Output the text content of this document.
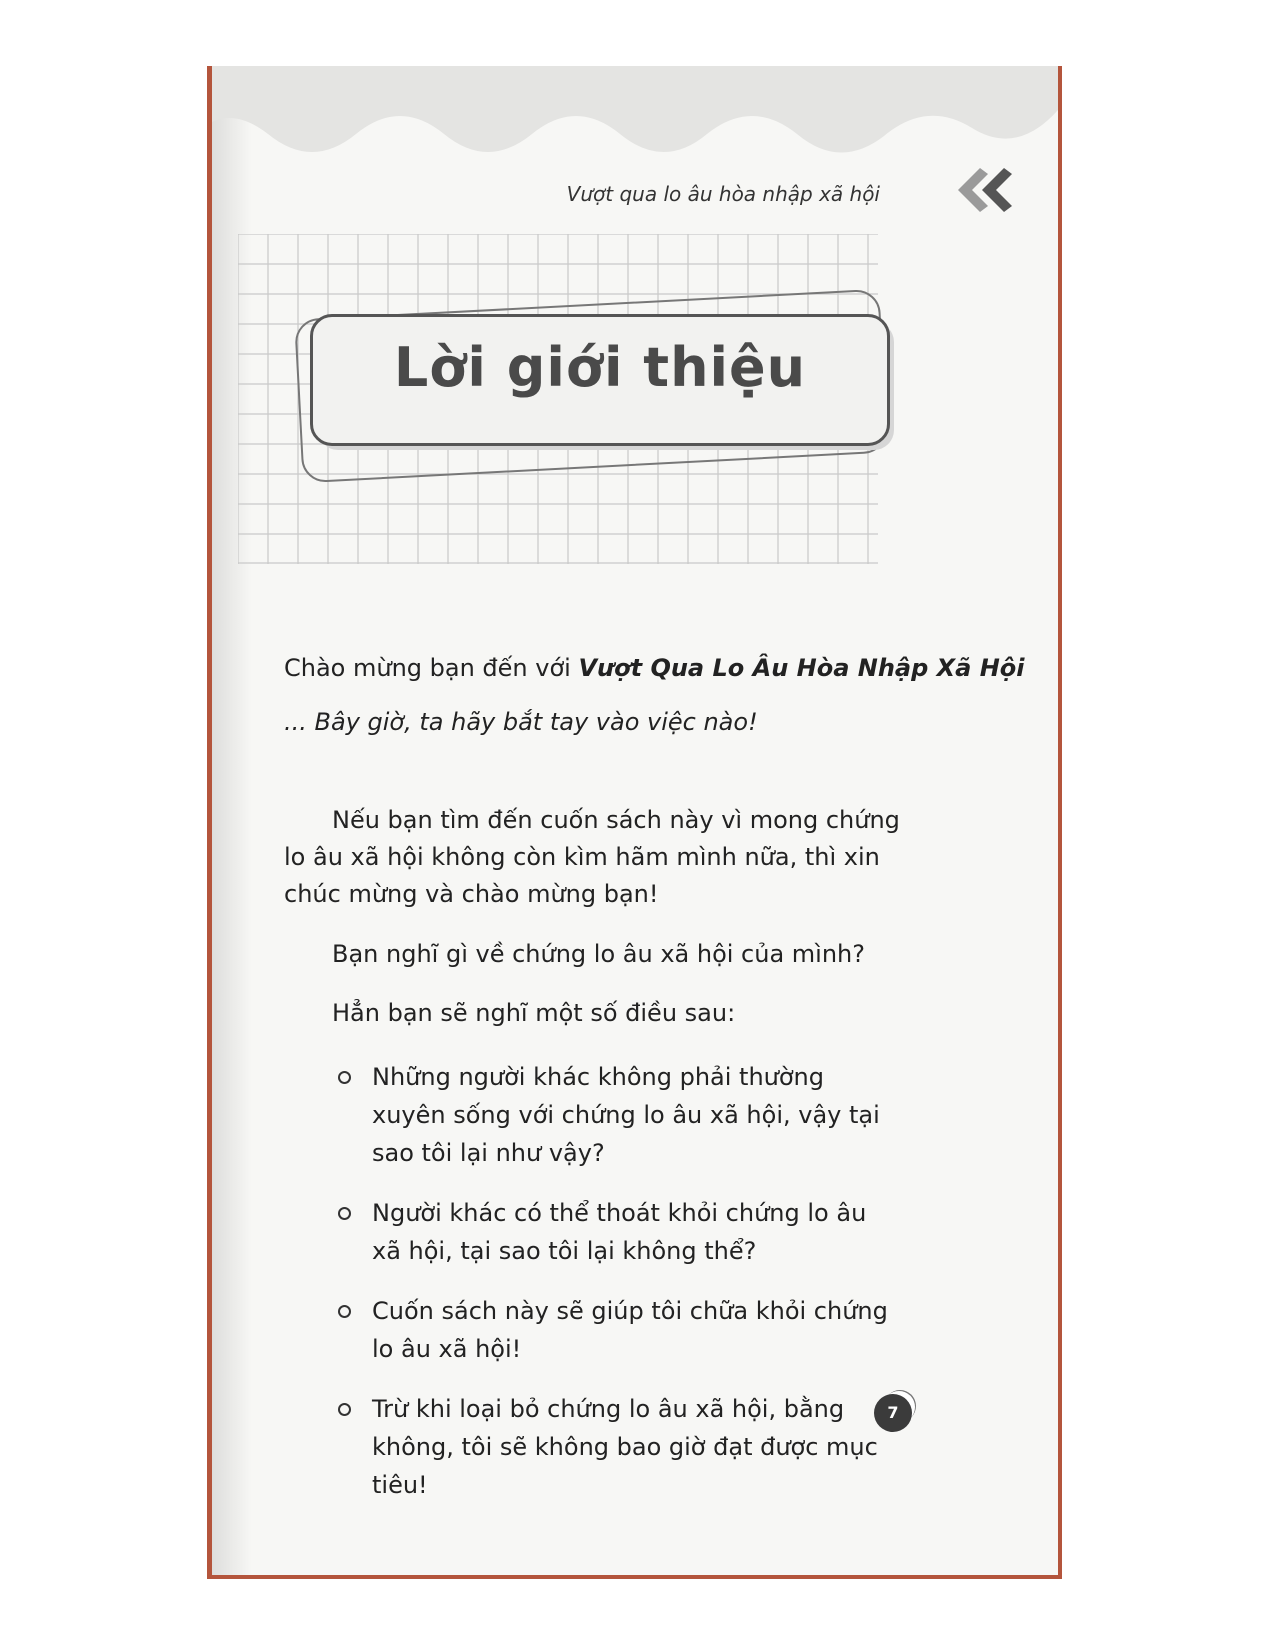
Vượt qua lo âu hòa nhập xã hội
Lời giới thiệu
Chào mừng bạn đến với Vượt Qua Lo Âu Hòa Nhập Xã Hội
... Bây giờ, ta hãy bắt tay vào việc nào!
Nếu bạn tìm đến cuốn sách này vì mong chứng lo âu xã hội không còn kìm hãm mình nữa, thì xin chúc mừng và chào mừng bạn!
Bạn nghĩ gì về chứng lo âu xã hội của mình?
Hẳn bạn sẽ nghĩ một số điều sau:
Những người khác không phải thường xuyên sống với chứng lo âu xã hội, vậy tại sao tôi lại như vậy?
Người khác có thể thoát khỏi chứng lo âu xã hội, tại sao tôi lại không thể?
Cuốn sách này sẽ giúp tôi chữa khỏi chứng lo âu xã hội!
Trừ khi loại bỏ chứng lo âu xã hội, bằng không, tôi sẽ không bao giờ đạt được mục tiêu!
7
